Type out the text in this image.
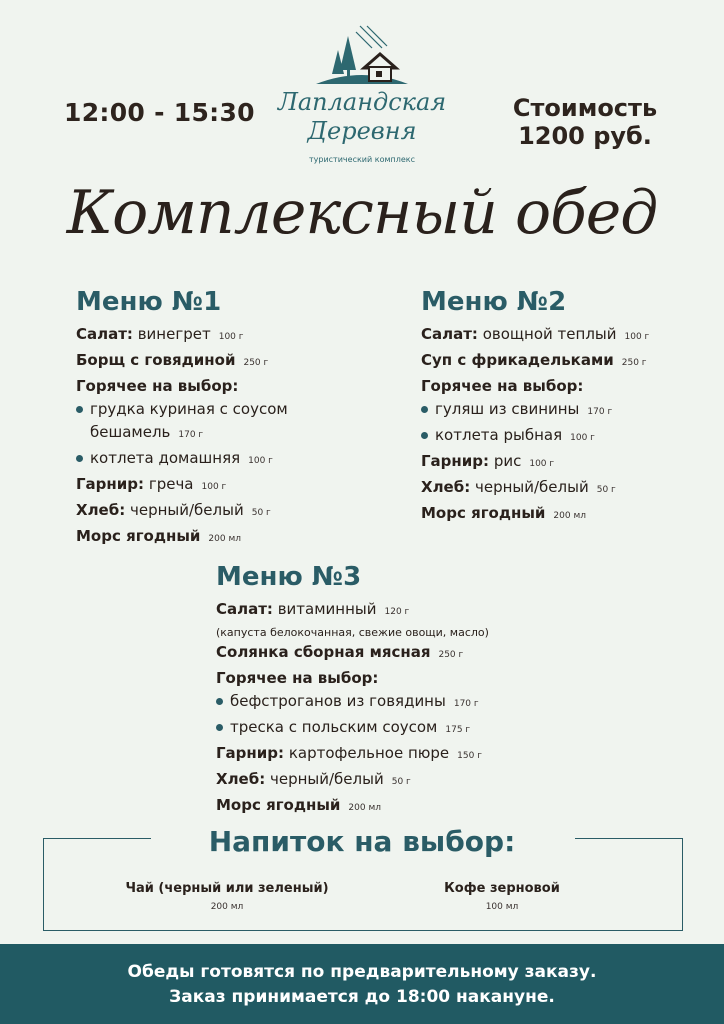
12:00 - 15:30 Лапландская
Деревня
туристический комплекс
Стоимость
1200 руб.
Комплексный обед
Меню №1
Салат: винегрет 100 г
Борщ с говядиной 250 г
Горячее на выбор:
грудка куриная с соусом
бешамель 170 г
котлета домашняя 100 г
Гарнир: греча 100 г
Хлеб: черный/белый 50 г
Морс ягодный 200 мл
Меню №2
Салат: овощной теплый 100 г
Суп с фрикадельками 250 г
Горячее на выбор:
гуляш из свинины 170 г
котлета рыбная 100 г
Гарнир: рис 100 г
Хлеб: черный/белый 50 г
Морс ягодный 200 мл
Меню №3
Салат: витаминный 120 г
(капуста белокочанная, свежие овощи, масло)
Солянка сборная мясная 250 г
Горячее на выбор:
бефстроганов из говядины 170 г
треска с польским соусом 175 г
Гарнир: картофельное пюре 150 г
Хлеб: черный/белый 50 г
Морс ягодный 200 мл
Напиток на выбор:
Чай (черный или зеленый)
200 мл
Кофе зерновой
100 мл
Обеды готовятся по предварительному заказу.
Заказ принимается до 18:00 накануне.
